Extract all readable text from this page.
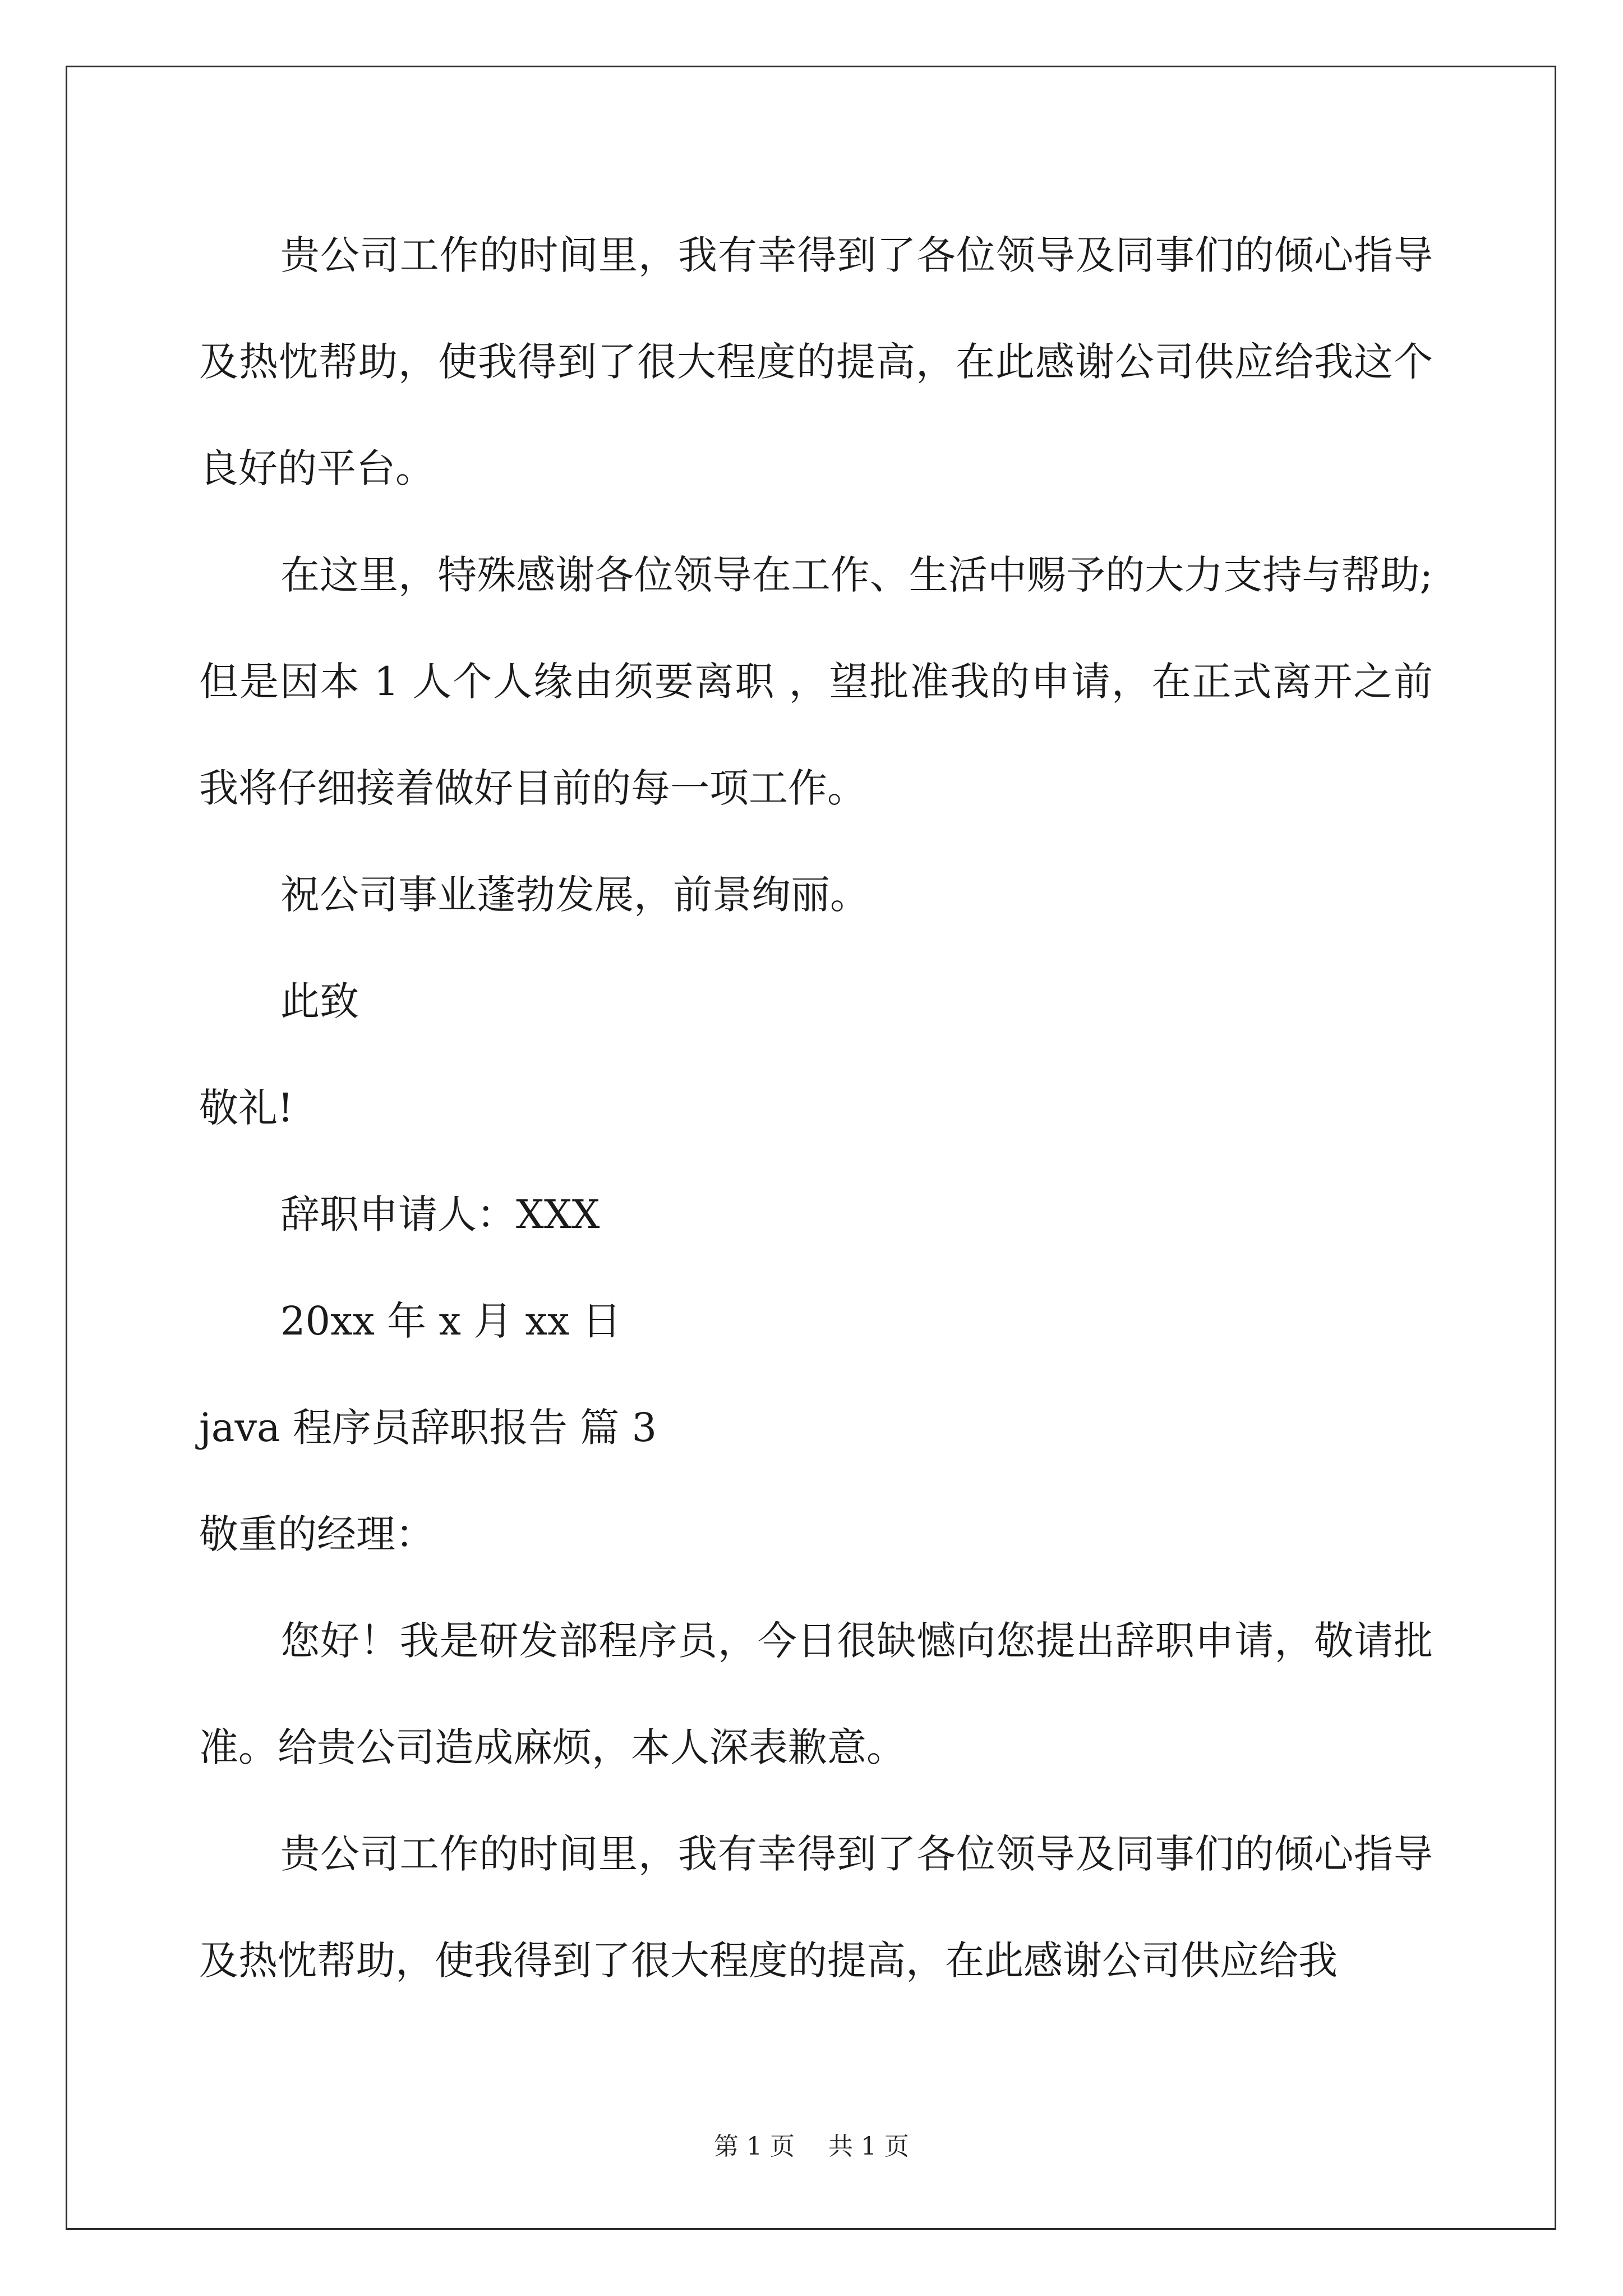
贵公司工作的时间里，我有幸得到了各位领导及同事们的倾心指导及热忱帮助，使我得到了很大程度的提高，在此感谢公司供应给我这个良好的平台。

在这里，特殊感谢各位领导在工作、生活中赐予的大力支持与帮助;但是因本 1 人个人缘由须要离职 ，望批准我的申请，在正式离开之前我将仔细接着做好目前的每一项工作。

祝公司事业蓬勃发展，前景绚丽。

此致

敬礼!

辞职申请人：XXX

20xx 年 x 月 xx 日

java 程序员辞职报告 篇 3

敬重的经理：

您好！我是研发部程序员，今日很缺憾向您提出辞职申请，敬请批准。给贵公司造成麻烦，本人深表歉意。

贵公司工作的时间里，我有幸得到了各位领导及同事们的倾心指导及热忱帮助，使我得到了很大程度的提高，在此感谢公司供应给我

第 1 页 共 1 页
